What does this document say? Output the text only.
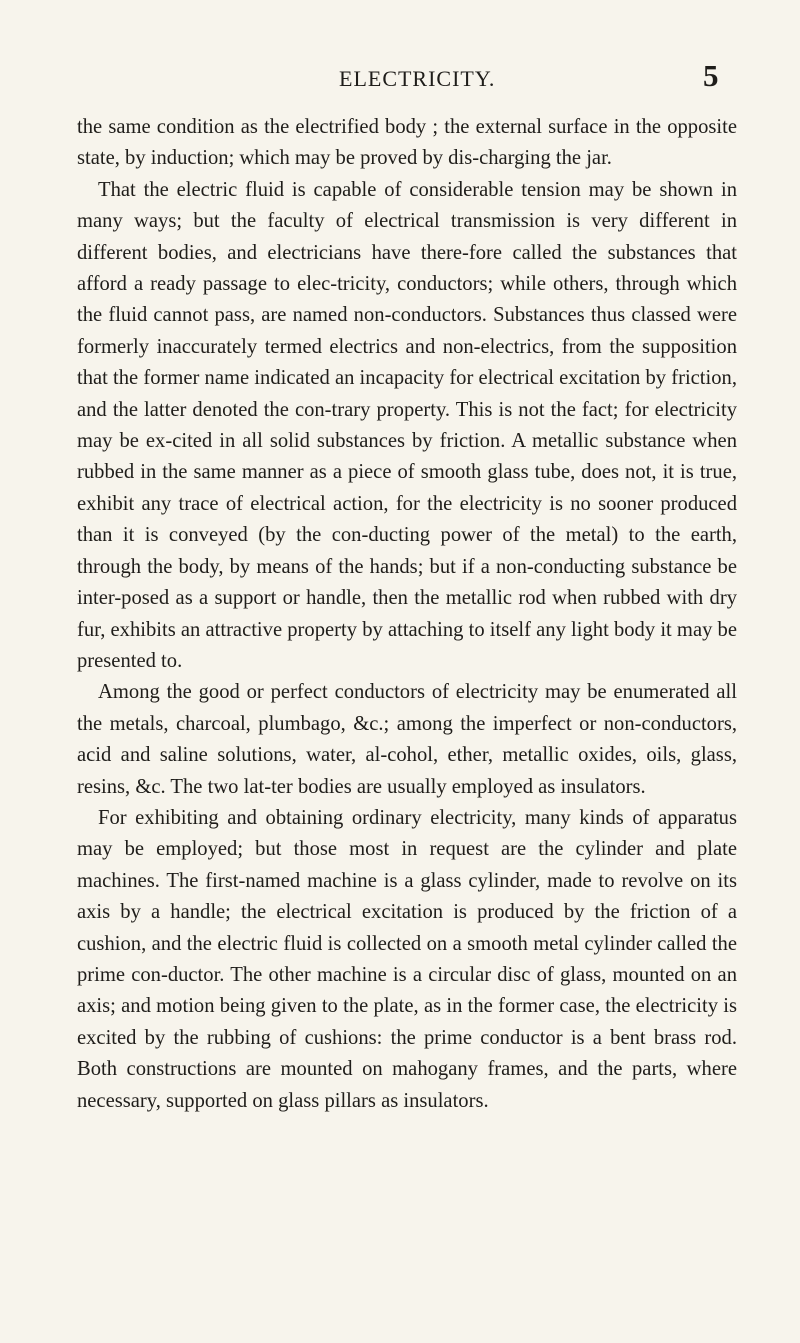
ELECTRICITY.	5

the same condition as the electrified body ; the external surface in the opposite state, by induction; which may be proved by dis-charging the jar.

That the electric fluid is capable of considerable tension may be shown in many ways; but the faculty of electrical transmission is very different in different bodies, and electricians have there-fore called the substances that afford a ready passage to elec-tricity, conductors; while others, through which the fluid cannot pass, are named non-conductors. Substances thus classed were formerly inaccurately termed electrics and non-electrics, from the supposition that the former name indicated an incapacity for electrical excitation by friction, and the latter denoted the con-trary property. This is not the fact; for electricity may be ex-cited in all solid substances by friction. A metallic substance when rubbed in the same manner as a piece of smooth glass tube, does not, it is true, exhibit any trace of electrical action, for the electricity is no sooner produced than it is conveyed (by the con-ducting power of the metal) to the earth, through the body, by means of the hands; but if a non-conducting substance be inter-posed as a support or handle, then the metallic rod when rubbed with dry fur, exhibits an attractive property by attaching to itself any light body it may be presented to.

Among the good or perfect conductors of electricity may be enumerated all the metals, charcoal, plumbago, &c.; among the imperfect or non-conductors, acid and saline solutions, water, al-cohol, ether, metallic oxides, oils, glass, resins, &c. The two lat-ter bodies are usually employed as insulators.

For exhibiting and obtaining ordinary electricity, many kinds of apparatus may be employed; but those most in request are the cylinder and plate machines. The first-named machine is a glass cylinder, made to revolve on its axis by a handle; the electrical excitation is produced by the friction of a cushion, and the electric fluid is collected on a smooth metal cylinder called the prime con-ductor. The other machine is a circular disc of glass, mounted on an axis; and motion being given to the plate, as in the former case, the electricity is excited by the rubbing of cushions: the prime conductor is a bent brass rod. Both constructions are mounted on mahogany frames, and the parts, where necessary, supported on glass pillars as insulators.
